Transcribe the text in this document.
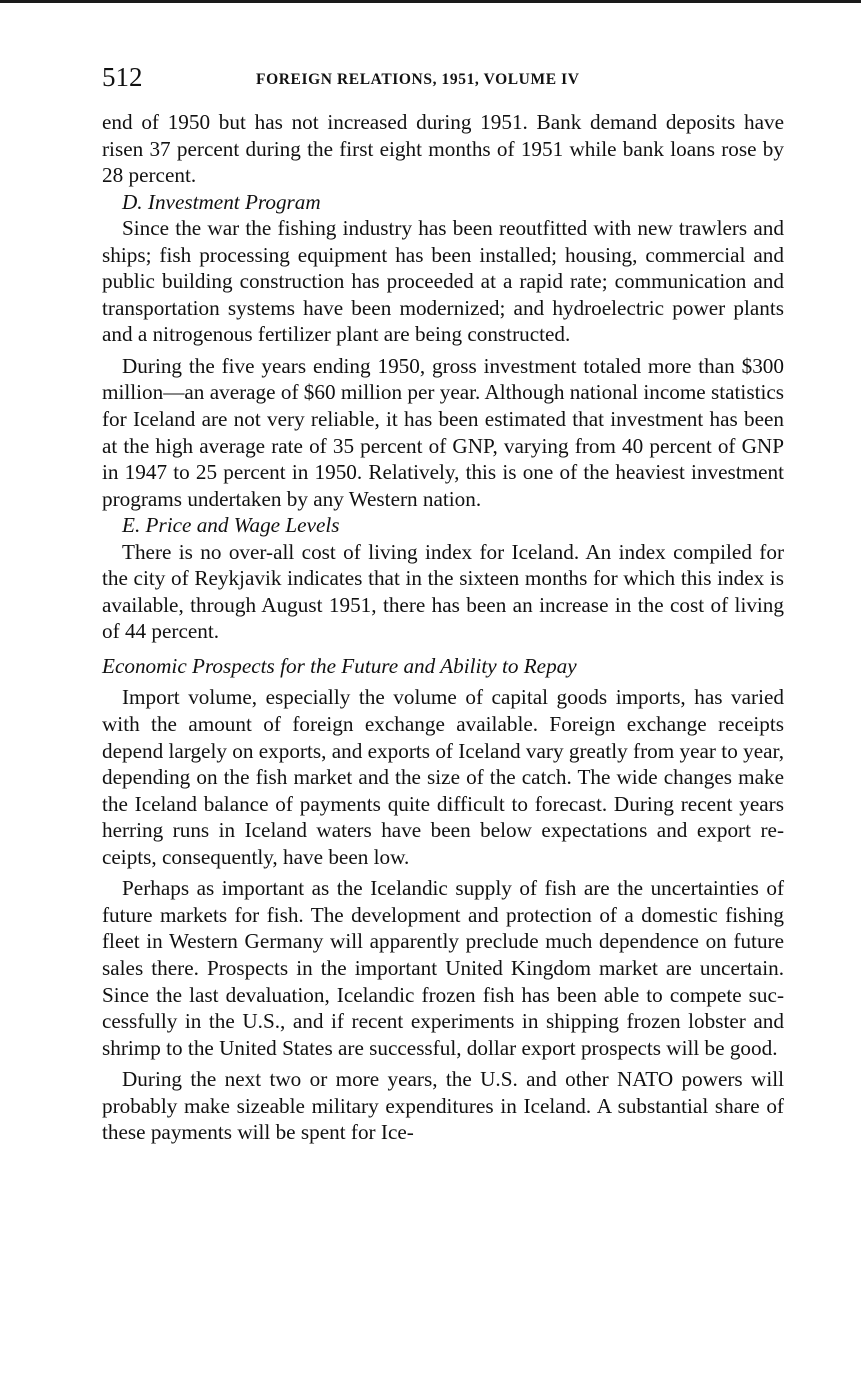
512	FOREIGN RELATIONS, 1951, VOLUME IV

end of 1950 but has not increased during 1951. Bank demand deposits have risen 37 percent during the first eight months of 1951 while bank loans rose by 28 percent.

D. Investment Program

Since the war the fishing industry has been reoutfitted with new trawlers and ships; fish processing equipment has been installed; housing, commercial and public building construction has proceeded at a rapid rate; communication and transportation systems have been modernized; and hydroelectric power plants and a nitrogenous fertilizer plant are being constructed.

During the five years ending 1950, gross investment totaled more than $300 million—an average of $60 million per year. Although national income statistics for Iceland are not very reliable, it has been estimated that investment has been at the high average rate of 35 percent of GNP, varying from 40 percent of GNP in 1947 to 25 percent in 1950. Relatively, this is one of the heaviest investment programs undertaken by any Western nation.

E. Price and Wage Levels

There is no over-all cost of living index for Iceland. An index compiled for the city of Reykjavik indicates that in the sixteen months for which this index is available, through August 1951, there has been an increase in the cost of living of 44 percent.

Economic Prospects for the Future and Ability to Repay

Import volume, especially the volume of capital goods imports, has varied with the amount of foreign exchange available. Foreign exchange receipts depend largely on exports, and exports of Iceland vary greatly from year to year, depending on the fish market and the size of the catch. The wide changes make the Iceland balance of payments quite difficult to forecast. During recent years herring runs in Iceland waters have been below expectations and export receipts, consequently, have been low.

Perhaps as important as the Icelandic supply of fish are the uncertainties of future markets for fish. The development and protection of a domestic fishing fleet in Western Germany will apparently preclude much dependence on future sales there. Prospects in the important United Kingdom market are uncertain. Since the last devaluation, Icelandic frozen fish has been able to compete successfully in the U.S., and if recent experiments in shipping frozen lobster and shrimp to the United States are successful, dollar export prospects will be good.

During the next two or more years, the U.S. and other NATO powers will probably make sizeable military expenditures in Iceland. A substantial share of these payments will be spent for Ice-
